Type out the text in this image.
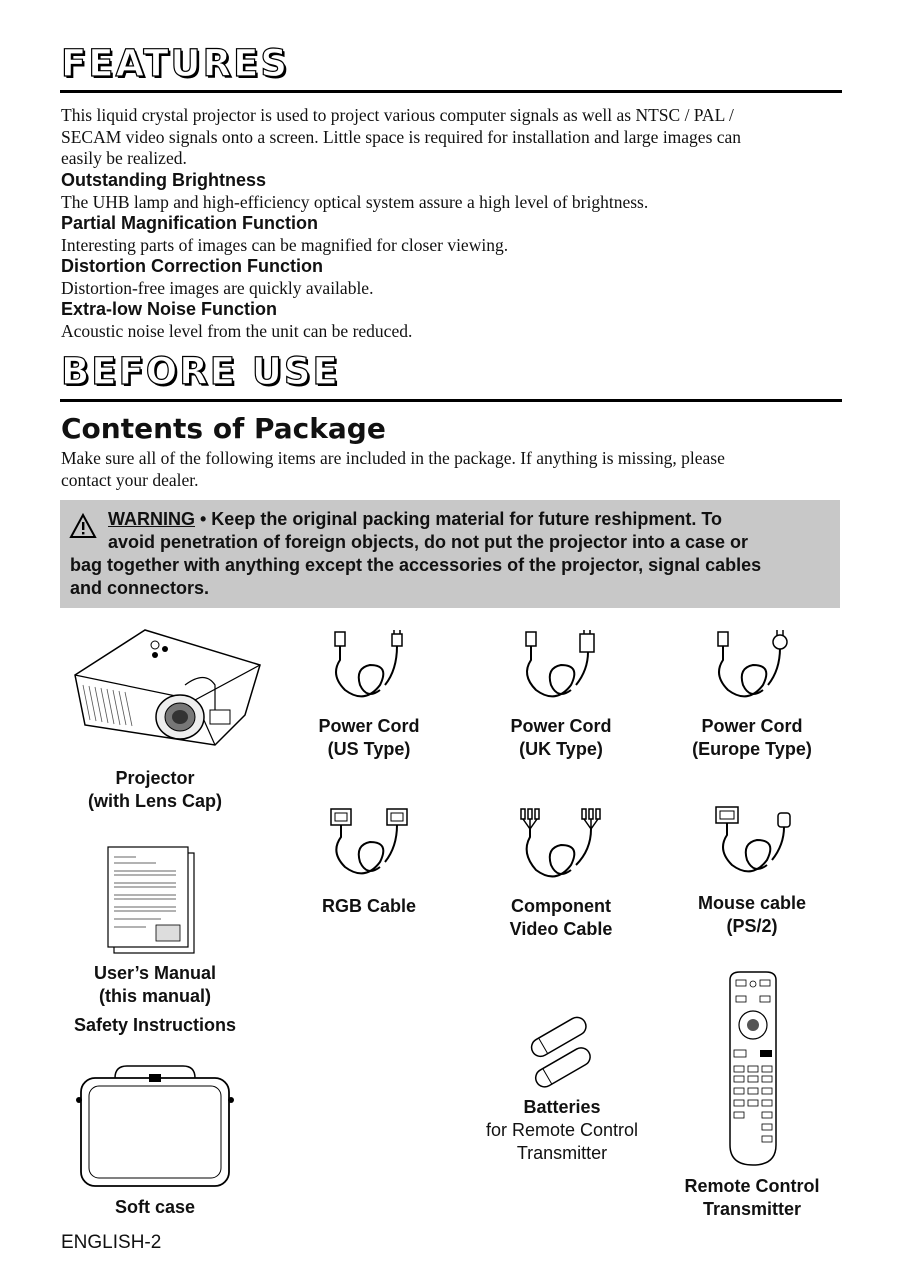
FEATURES
This liquid crystal projector is used to project various computer signals as well as NTSC / PAL /
SECAM video signals onto a screen. Little space is required for installation and large images can
easily be realized.
Outstanding Brightness
The UHB lamp and high-efficiency optical system assure a high level of brightness.
Partial Magnification Function
Interesting parts of images can be magnified for closer viewing.
Distortion Correction Function
Distortion-free images are quickly available.
Extra-low Noise Function
Acoustic noise level from the unit can be reduced.
BEFORE USE
Contents of Package
Make sure all of the following items are included in the package. If anything is missing, please
contact your dealer.
WARNING • Keep the original packing material for future reshipment. To
avoid penetration of foreign objects, do not put the projector into a case or
bag together with anything except the accessories of the projector, signal cables
and connectors.
Projector
(with Lens Cap)
Power Cord
(US Type)
Power Cord
(UK Type)
Power Cord
(Europe Type)
RGB Cable	Component
Video Cable
Mouse cable
(PS/2)
User’s Manual
(this manual)
Safety Instructions
Batteries
for Remote Control
Transmitter
Soft case
Remote Control
Transmitter
ENGLISH-2
